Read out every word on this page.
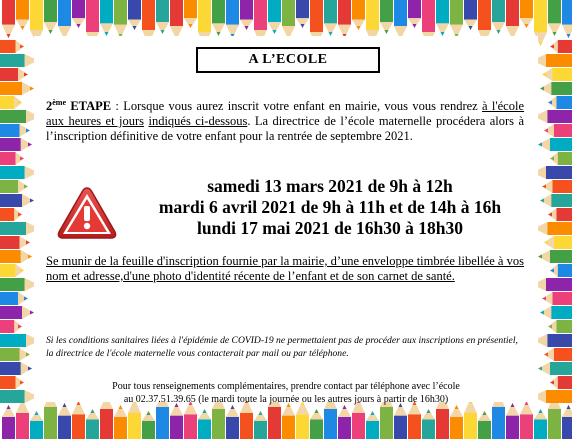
A L’ECOLE
2ème ETAPE : Lorsque vous aurez inscrit votre enfant en mairie, vous vous rendrez à l'école aux heures et jours indiqués ci-dessous. La directrice de l’école maternelle procédera alors à l’inscription définitive de votre enfant pour la rentrée de septembre 2021.
samedi 13 mars 2021 de 9h à 12h
mardi 6 avril 2021 de 9h à 11h et de 14h à 16h
lundi 17 mai 2021 de 16h30 à 18h30
Se munir de la feuille d'inscription fournie par la mairie, d’une enveloppe timbrée libellée à vos nom et adresse,d'une photo d'identité récente de l’enfant et de son carnet de santé.
Si les conditions sanitaires liées à l'épidémie de COVID-19 ne permettaient pas de procéder aux inscriptions en présentiel, la directrice de l'école maternelle vous contacterait par mail ou par téléphone.
Pour tous renseignements complémentaires, prendre contact par téléphone avec l’école
au 02.37.51.39.65 (le mardi toute la journée ou les autres jours à partir de 16h30)
